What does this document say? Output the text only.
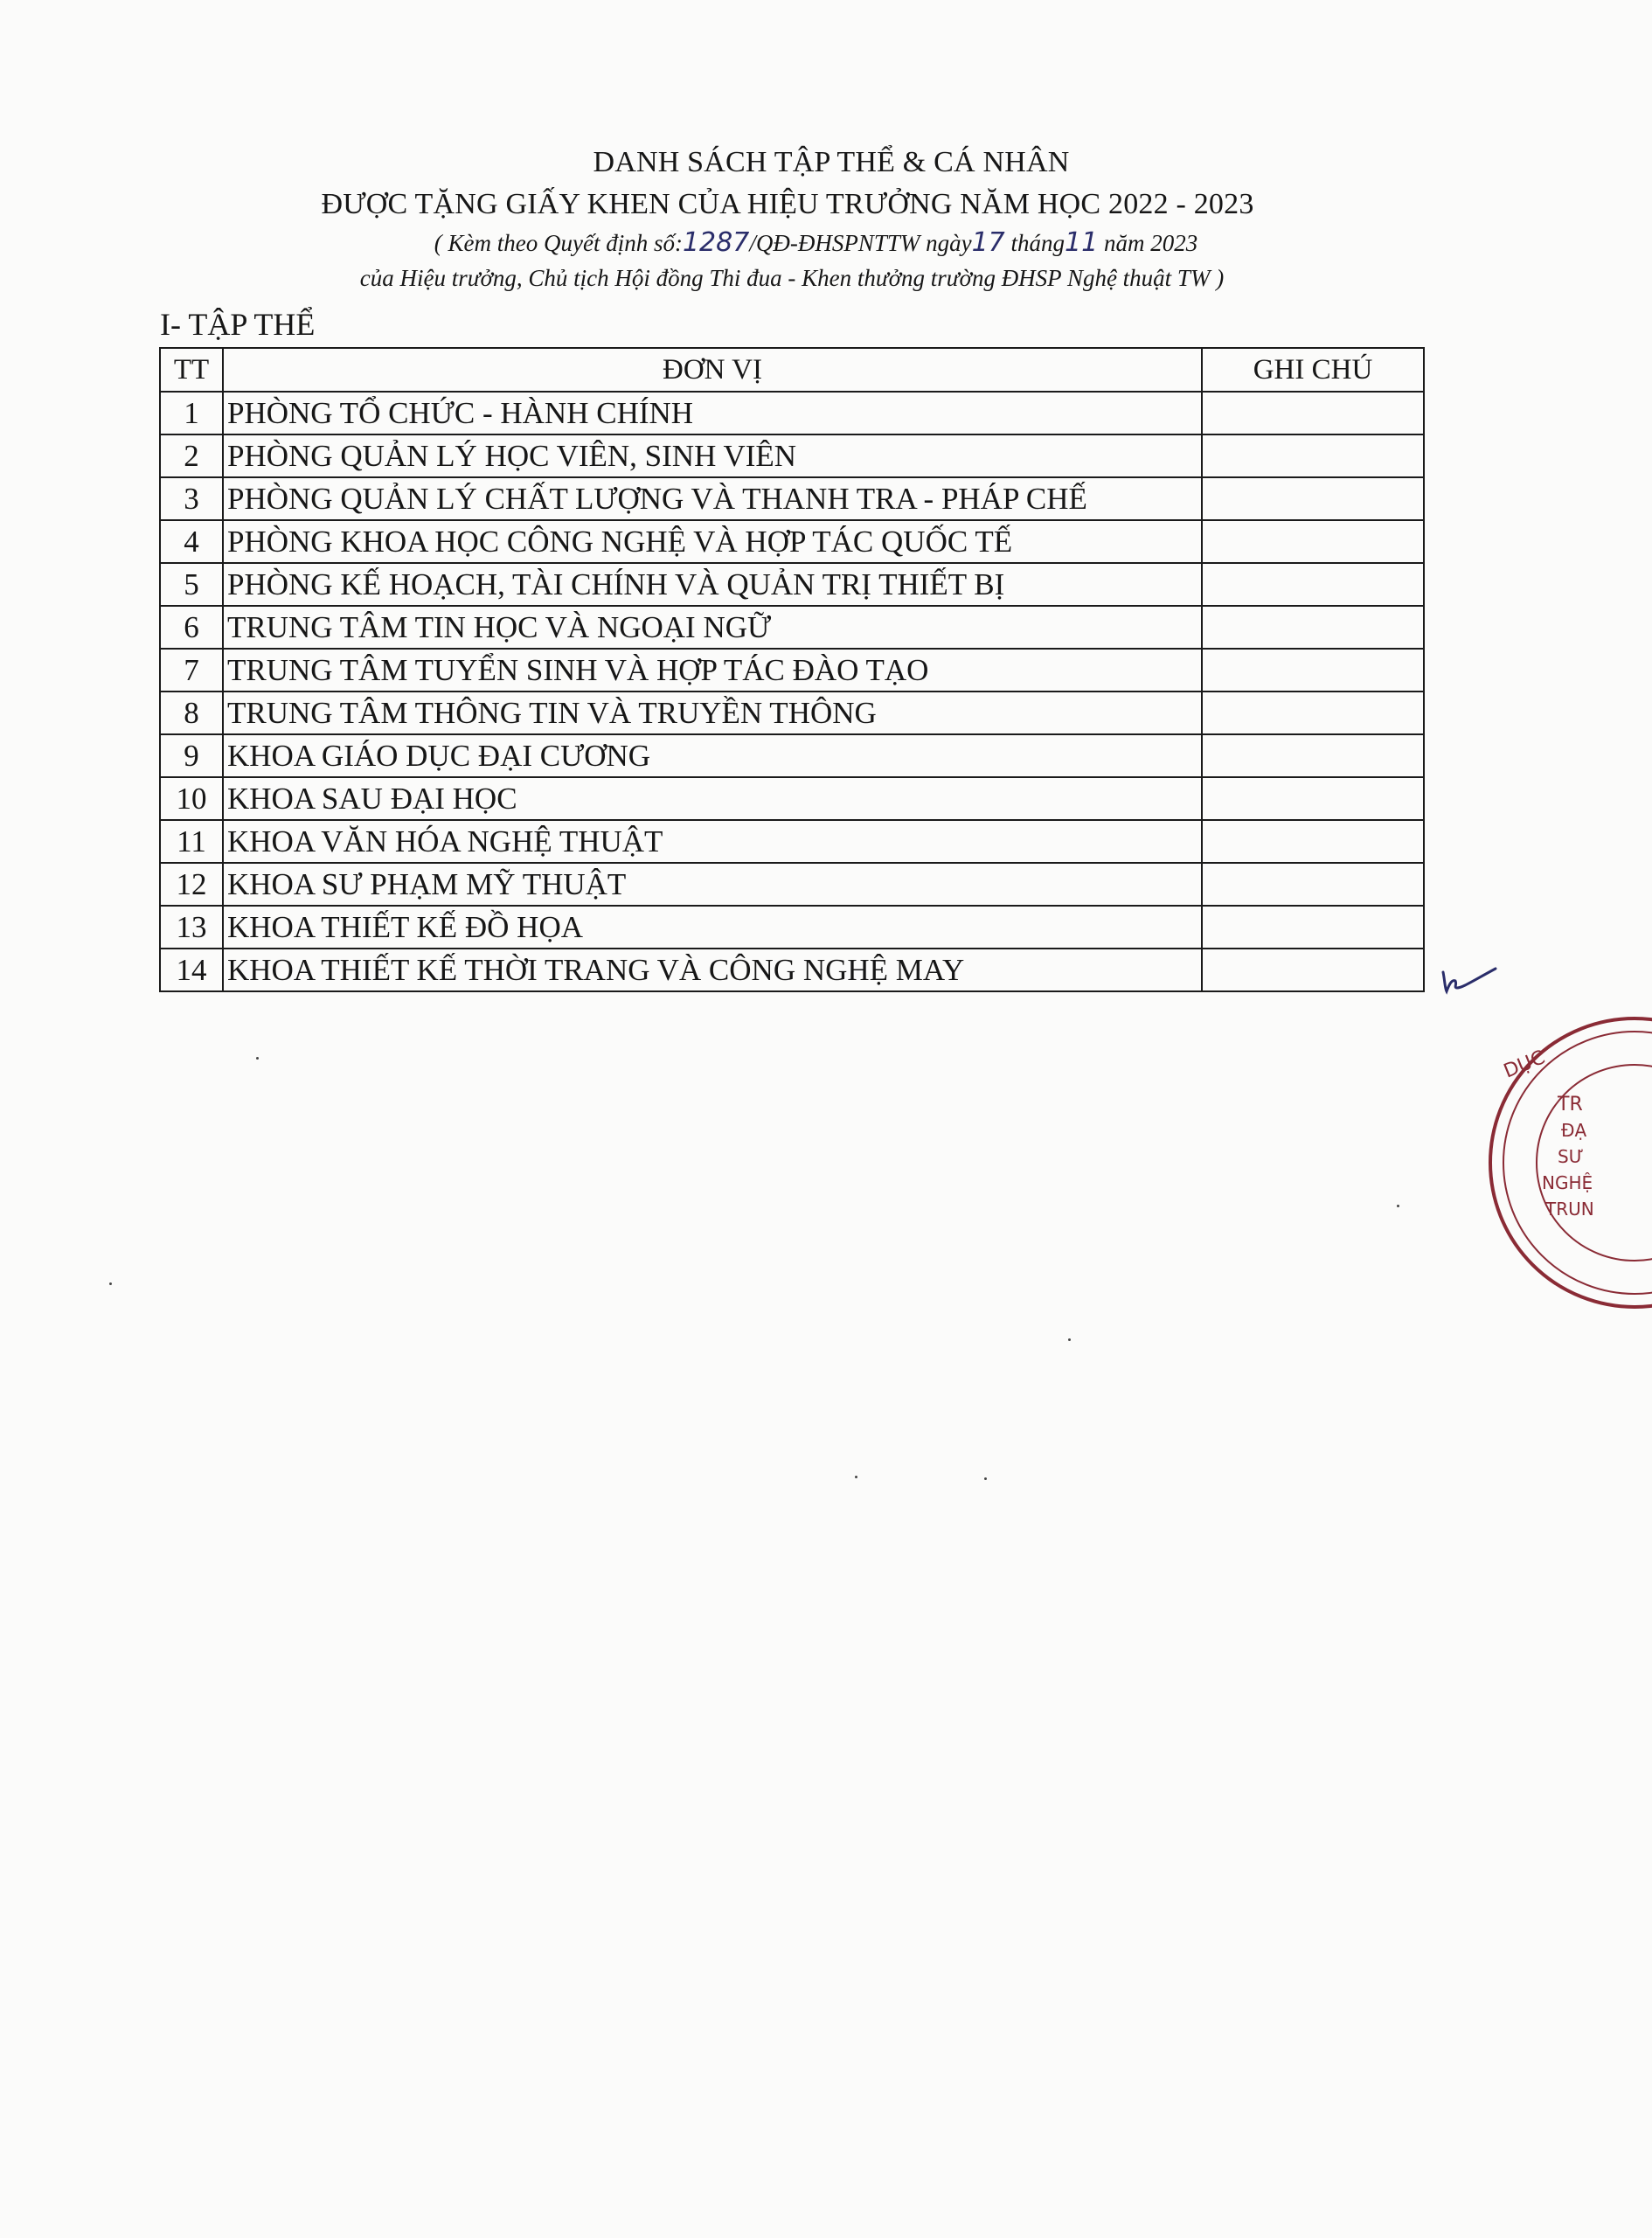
DANH SÁCH TẬP THỂ & CÁ NHÂN
ĐƯỢC TẶNG GIẤY KHEN CỦA HIỆU TRƯỞNG NĂM HỌC 2022 - 2023
( Kèm theo Quyết định số:1287/QĐ-ĐHSPNTTW ngày17 tháng11 năm 2023
của Hiệu trưởng, Chủ tịch Hội đồng Thi đua - Khen thưởng trường ĐHSP Nghệ thuật TW )
I- TẬP THỂ
TT	ĐƠN VỊ	GHI CHÚ
1	PHÒNG TỔ CHỨC - HÀNH CHÍNH	
2	PHÒNG QUẢN LÝ HỌC VIÊN, SINH VIÊN	
3	PHÒNG QUẢN LÝ CHẤT LƯỢNG VÀ THANH TRA - PHÁP CHẾ	
4	PHÒNG KHOA HỌC CÔNG NGHỆ VÀ HỢP TÁC QUỐC TẾ	
5	PHÒNG KẾ HOẠCH, TÀI CHÍNH VÀ QUẢN TRỊ THIẾT BỊ	
6	TRUNG TÂM TIN HỌC VÀ NGOẠI NGỮ	
7	TRUNG TÂM TUYỂN SINH VÀ HỢP TÁC ĐÀO TẠO	
8	TRUNG TÂM THÔNG TIN VÀ TRUYỀN THÔNG	
9	KHOA GIÁO DỤC ĐẠI CƯƠNG	
10	KHOA SAU ĐẠI HỌC	
11	KHOA VĂN HÓA NGHỆ THUẬT	
12	KHOA SƯ PHẠM MỸ THUẬT	
13	KHOA THIẾT KẾ ĐỒ HỌA	
14	KHOA THIẾT KẾ THỜI TRANG VÀ CÔNG NGHỆ MAY	
DỤC
TR
ĐẠ
SƯ
NGHỆ
TRUN
